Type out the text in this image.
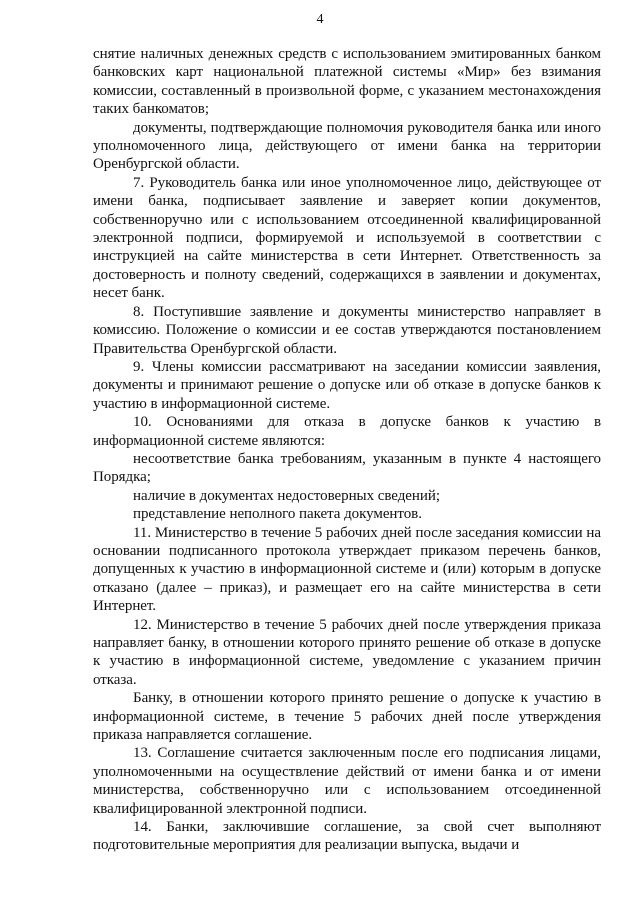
4

снятие наличных денежных средств с использованием эмитированных банком банковских карт национальной платежной системы «Мир» без взимания комиссии, составленный в произвольной форме, с указанием местонахождения таких банкоматов;

документы, подтверждающие полномочия руководителя банка или иного уполномоченного лица, действующего от имени банка на территории Оренбургской области.

7. Руководитель банка или иное уполномоченное лицо, действующее от имени банка, подписывает заявление и заверяет копии документов, собственноручно или с использованием отсоединенной квалифицированной электронной подписи, формируемой и используемой в соответствии с инструкцией на сайте министерства в сети Интернет. Ответственность за достоверность и полноту сведений, содержащихся в заявлении и документах, несет банк.

8. Поступившие заявление и документы министерство направляет в комиссию. Положение о комиссии и ее состав утверждаются постановлением Правительства Оренбургской области.

9. Члены комиссии рассматривают на заседании комиссии заявления, документы и принимают решение о допуске или об отказе в допуске банков к участию в информационной системе.

10. Основаниями для отказа в допуске банков к участию в информационной системе являются:

несоответствие банка требованиям, указанным в пункте 4 настоящего Порядка;

наличие в документах недостоверных сведений;

представление неполного пакета документов.

11. Министерство в течение 5 рабочих дней после заседания комиссии на основании подписанного протокола утверждает приказом перечень банков, допущенных к участию в информационной системе и (или) которым в допуске отказано (далее – приказ), и размещает его на сайте министерства в сети Интернет.

12. Министерство в течение 5 рабочих дней после утверждения приказа направляет банку, в отношении которого принято решение об отказе в допуске к участию в информационной системе, уведомление с указанием причин отказа.

Банку, в отношении которого принято решение о допуске к участию в информационной системе, в течение 5 рабочих дней после утверждения приказа направляется соглашение.

13. Соглашение считается заключенным после его подписания лицами, уполномоченными на осуществление действий от имени банка и от имени министерства, собственноручно или с использованием отсоединенной квалифицированной электронной подписи.

14. Банки, заключившие соглашение, за свой счет выполняют подготовительные мероприятия для реализации выпуска, выдачи и
